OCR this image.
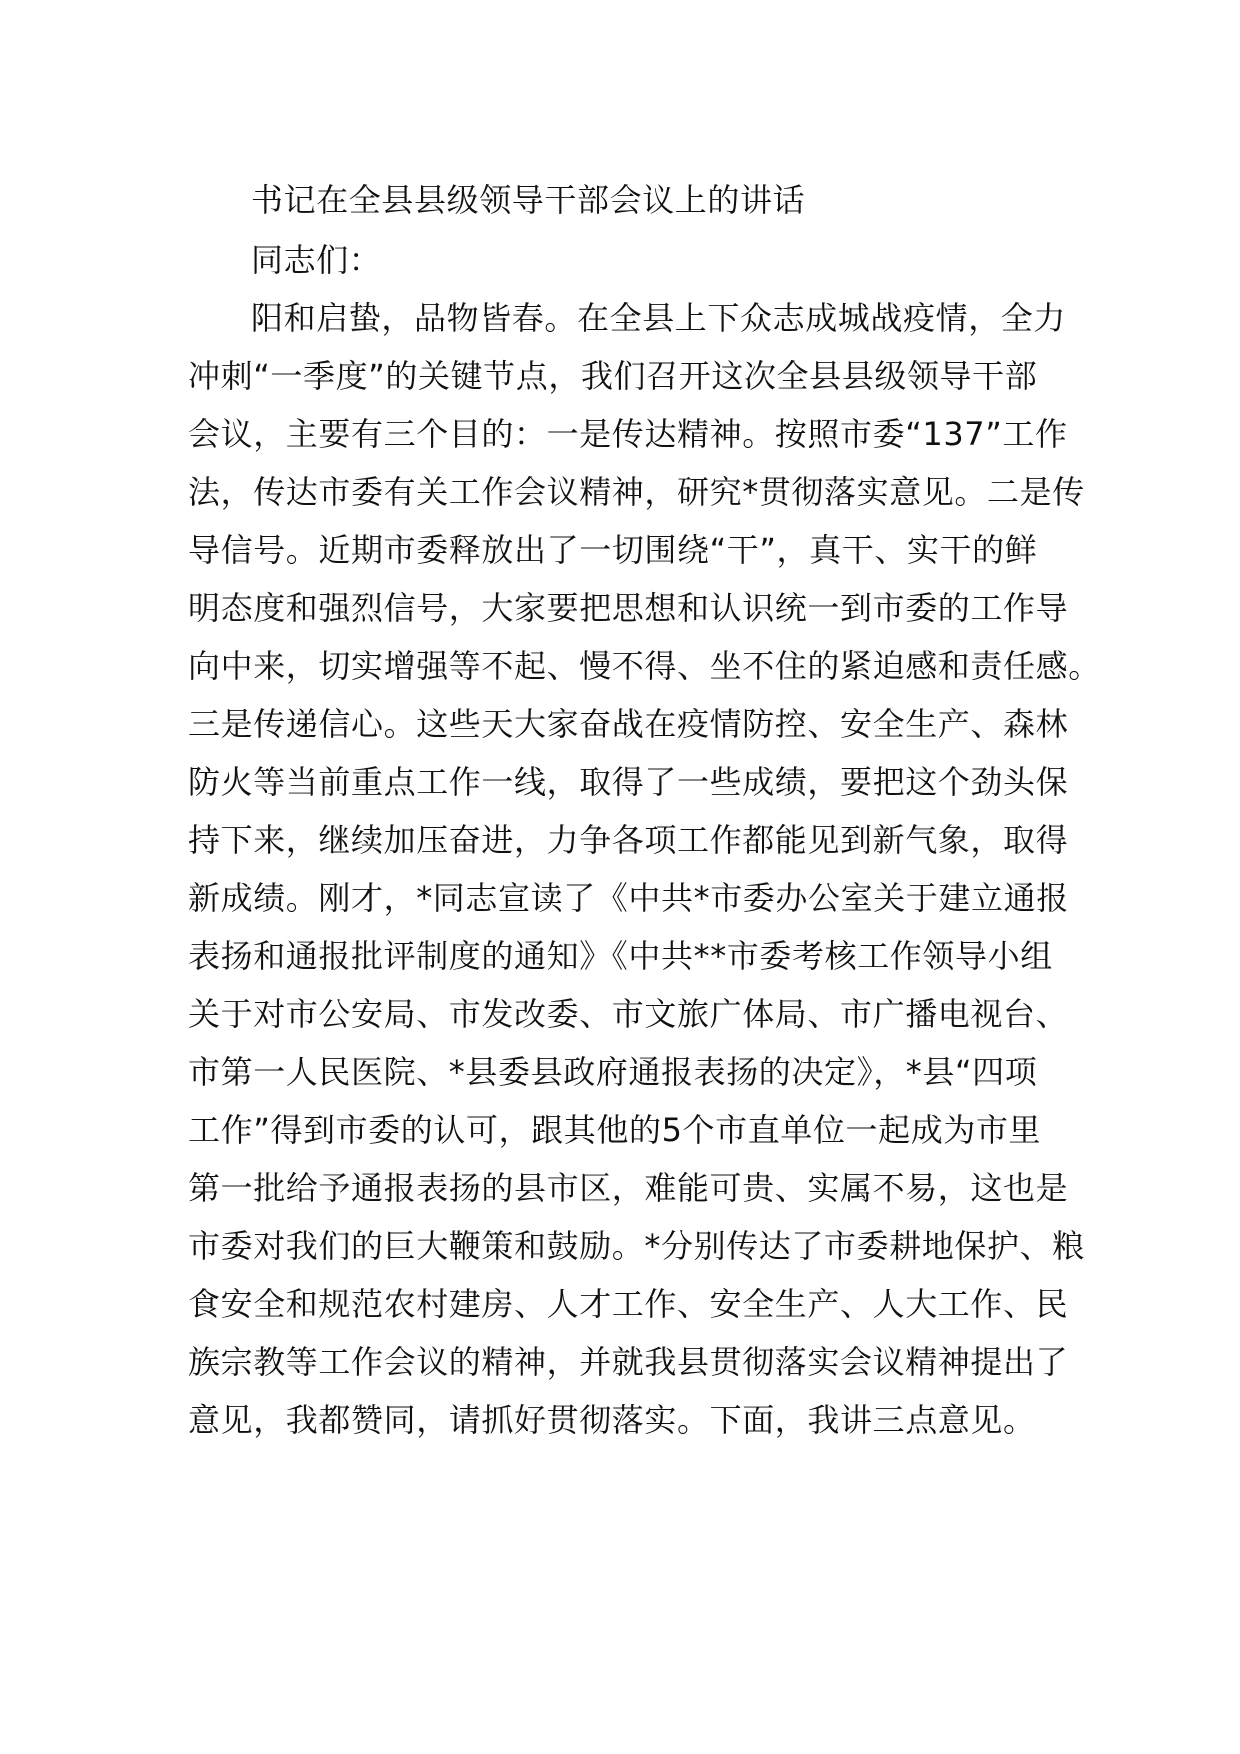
书记在全县县级领导干部会议上的讲话
同志们：
阳和启蛰，品物皆春。在全县上下众志成城战疫情，全力
冲刺“一季度”的关键节点，我们召开这次全县县级领导干部
会议，主要有三个目的：一是传达精神。按照市委“137”工作
法，传达市委有关工作会议精神，研究*贯彻落实意见。二是传
导信号。近期市委释放出了一切围绕“干”，真干、实干的鲜
明态度和强烈信号，大家要把思想和认识统一到市委的工作导
向中来，切实增强等不起、慢不得、坐不住的紧迫感和责任感。
三是传递信心。这些天大家奋战在疫情防控、安全生产、森林
防火等当前重点工作一线，取得了一些成绩，要把这个劲头保
持下来，继续加压奋进，力争各项工作都能见到新气象，取得
新成绩。刚才，*同志宣读了《中共*市委办公室关于建立通报
表扬和通报批评制度的通知》《中共**市委考核工作领导小组
关于对市公安局、市发改委、市文旅广体局、市广播电视台、
市第一人民医院、*县委县政府通报表扬的决定》，*县“四项
工作”得到市委的认可，跟其他的5个市直单位一起成为市里
第一批给予通报表扬的县市区，难能可贵、实属不易，这也是
市委对我们的巨大鞭策和鼓励。*分别传达了市委耕地保护、粮
食安全和规范农村建房、人才工作、安全生产、人大工作、民
族宗教等工作会议的精神，并就我县贯彻落实会议精神提出了
意见，我都赞同，请抓好贯彻落实。下面，我讲三点意见。
